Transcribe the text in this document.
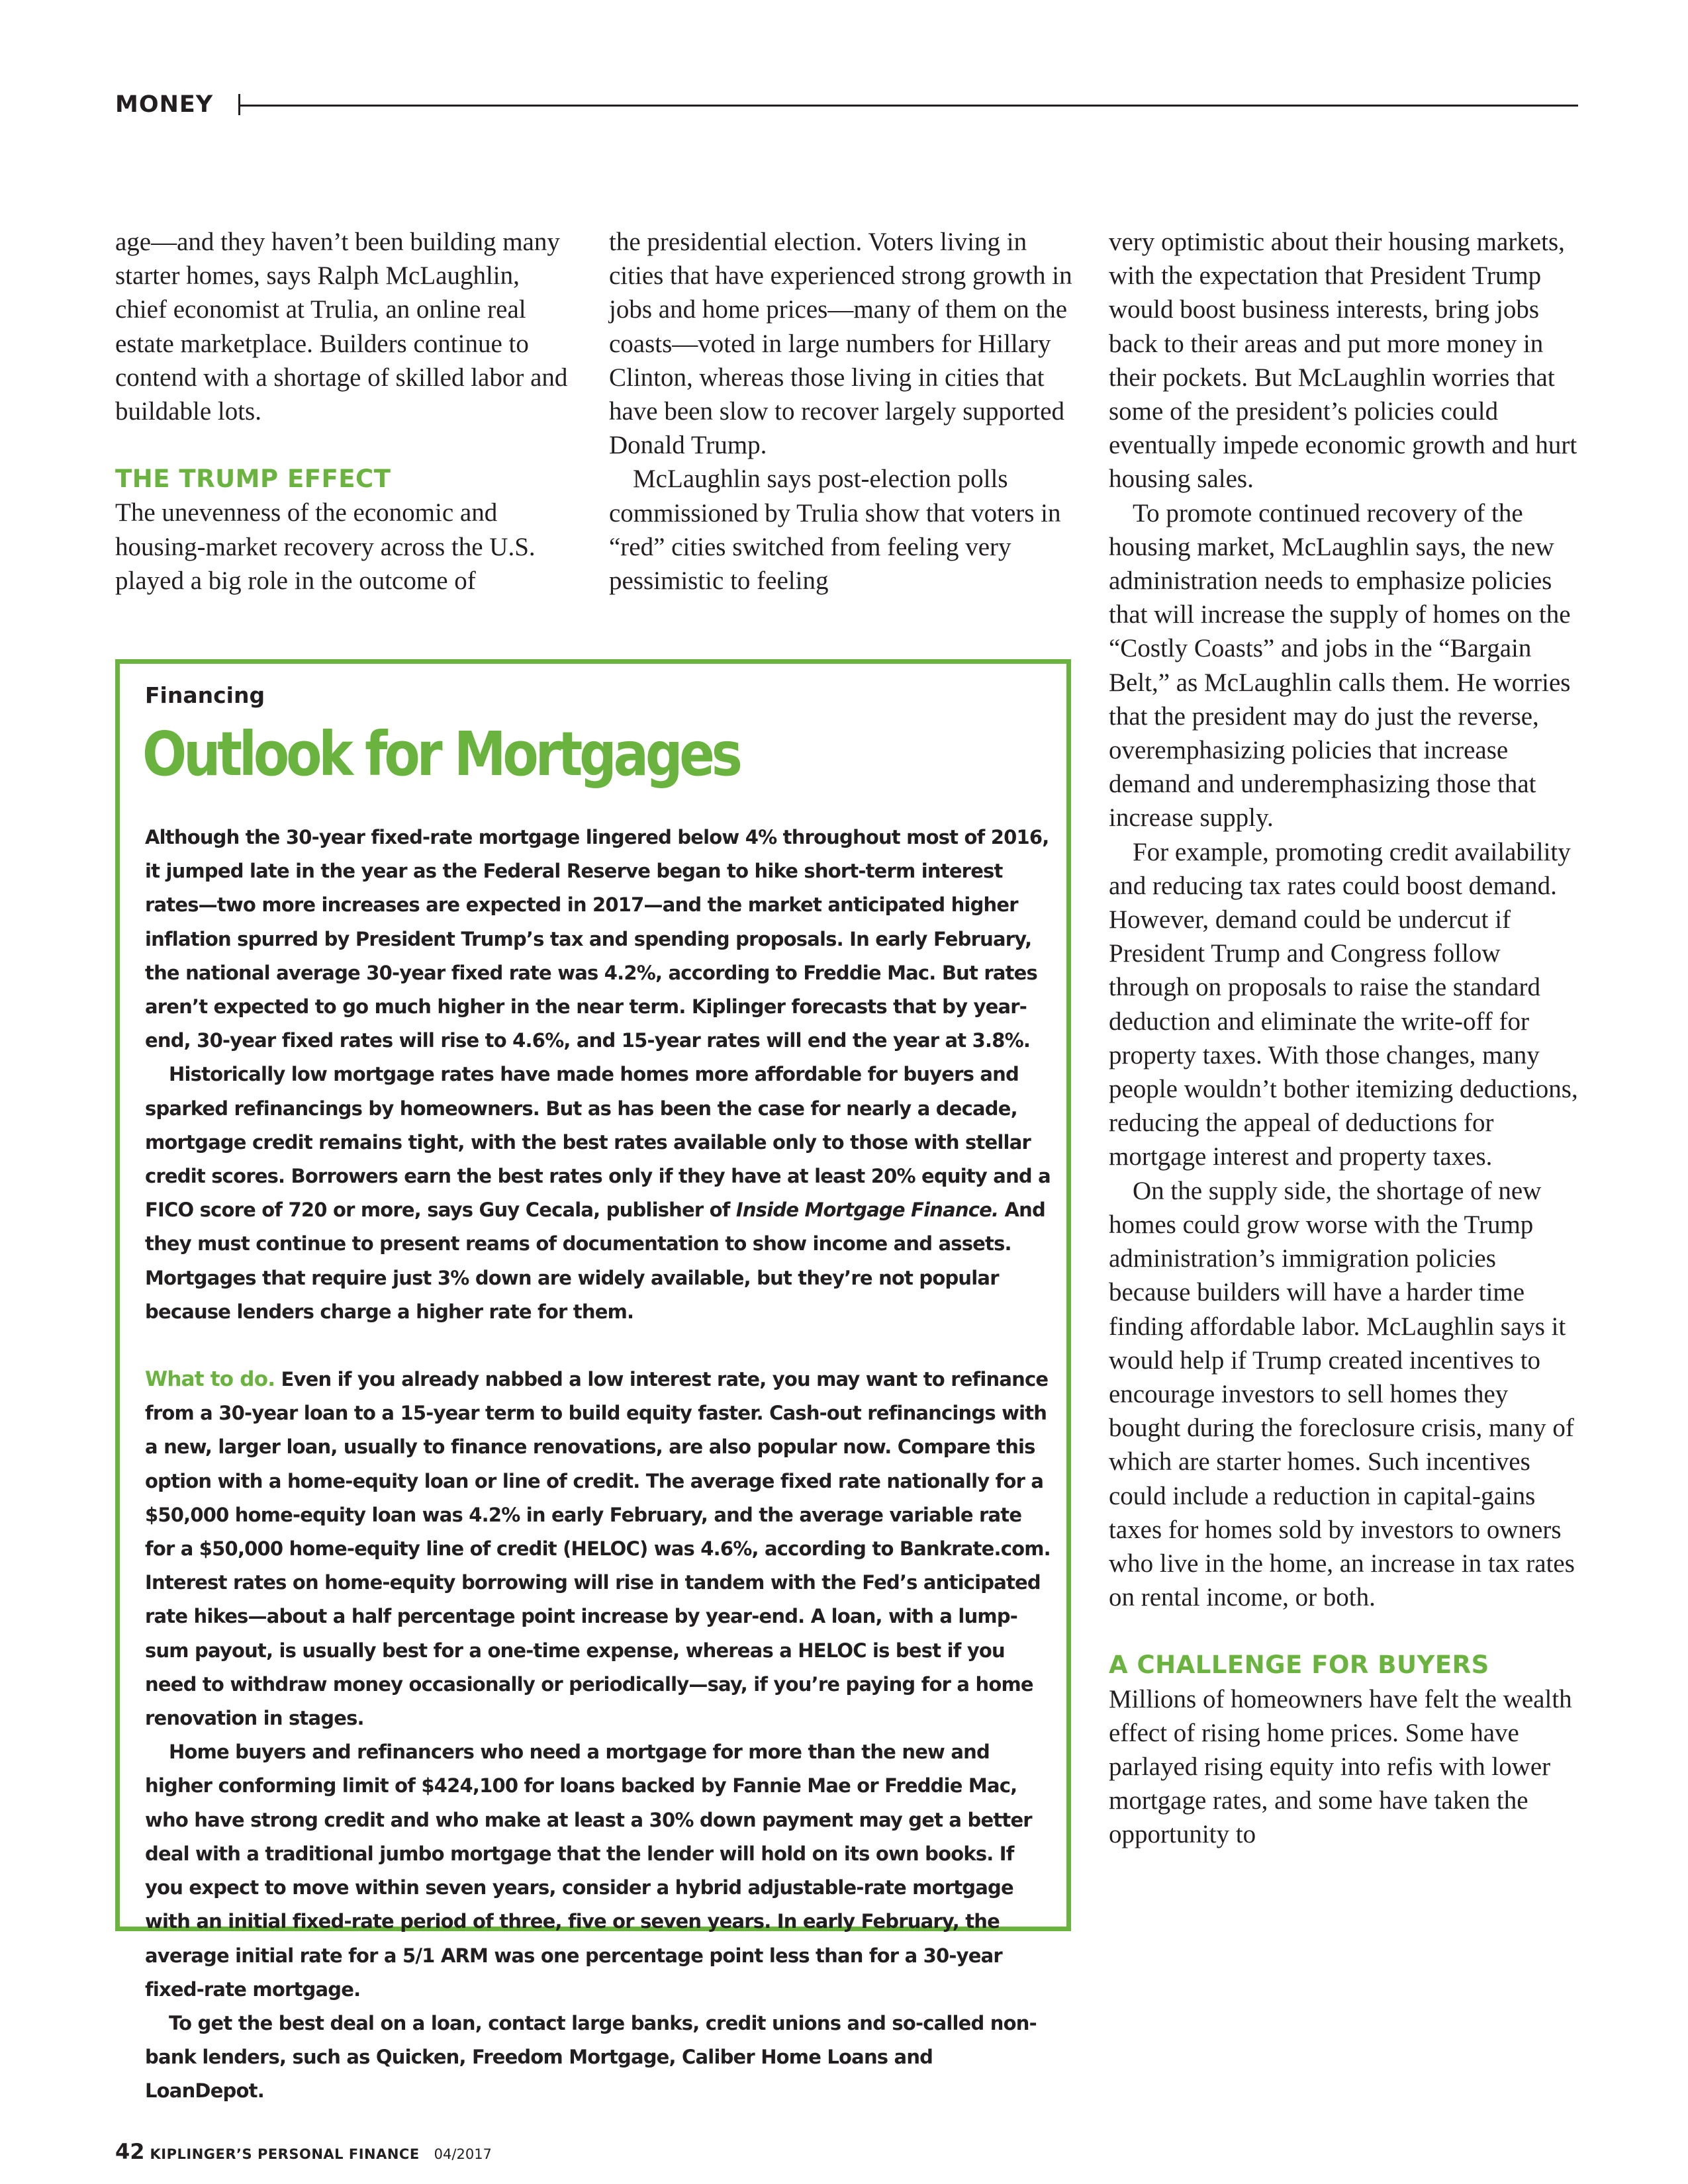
MONEY

age—and they haven’t been building many starter homes, says Ralph McLaughlin, chief economist at Trulia, an online real estate marketplace. Builders continue to contend with a shortage of skilled labor and buildable lots.

THE TRUMP EFFECT

The unevenness of the economic and housing-market recovery across the U.S. played a big role in the outcome of

the presidential election. Voters living in cities that have experienced strong growth in jobs and home prices—many of them on the coasts—voted in large numbers for Hillary Clinton, whereas those living in cities that have been slow to recover largely supported Donald Trump.

McLaughlin says post-election polls commissioned by Trulia show that voters in “red” cities switched from feeling very pessimistic to feeling

very optimistic about their housing markets, with the expectation that President Trump would boost business interests, bring jobs back to their areas and put more money in their pockets. But McLaughlin worries that some of the president’s policies could eventually impede economic growth and hurt housing sales.

To promote continued recovery of the housing market, McLaughlin says, the new administration needs to emphasize policies that will increase the supply of homes on the “Costly Coasts” and jobs in the “Bargain Belt,” as McLaughlin calls them. He worries that the president may do just the reverse, overemphasizing policies that increase demand and underemphasizing those that increase supply.

For example, promoting credit availability and reducing tax rates could boost demand. However, demand could be undercut if President Trump and Congress follow through on proposals to raise the standard deduction and eliminate the write-off for property taxes. With those changes, many people wouldn’t bother itemizing deductions, reducing the appeal of deductions for mortgage interest and property taxes.

On the supply side, the shortage of new homes could grow worse with the Trump administration’s immigration policies because builders will have a harder time finding affordable labor. McLaughlin says it would help if Trump created incentives to encourage investors to sell homes they bought during the foreclosure crisis, many of which are starter homes. Such incentives could include a reduction in capital-gains taxes for homes sold by investors to owners who live in the home, an increase in tax rates on rental income, or both.

A CHALLENGE FOR BUYERS

Millions of homeowners have felt the wealth effect of rising home prices. Some have parlayed rising equity into refis with lower mortgage rates, and some have taken the opportunity to

Financing
Outlook for Mortgages

Although the 30-year fixed-rate mortgage lingered below 4% throughout most of 2016, it jumped late in the year as the Federal Reserve began to hike short-term interest rates—two more increases are expected in 2017—and the market anticipated higher inflation spurred by President Trump’s tax and spending proposals. In early February, the national average 30-year fixed rate was 4.2%, according to Freddie Mac. But rates aren’t expected to go much higher in the near term. Kiplinger forecasts that by year-end, 30-year fixed rates will rise to 4.6%, and 15-year rates will end the year at 3.8%.

Historically low mortgage rates have made homes more affordable for buyers and sparked refinancings by homeowners. But as has been the case for nearly a decade, mortgage credit remains tight, with the best rates available only to those with stellar credit scores. Borrowers earn the best rates only if they have at least 20% equity and a FICO score of 720 or more, says Guy Cecala, publisher of Inside Mortgage Finance. And they must continue to present reams of documentation to show income and assets. Mortgages that require just 3% down are widely available, but they’re not popular because lenders charge a higher rate for them.

What to do. Even if you already nabbed a low interest rate, you may want to refinance from a 30-year loan to a 15-year term to build equity faster. Cash-out refinancings with a new, larger loan, usually to finance renovations, are also popular now. Compare this option with a home-equity loan or line of credit. The average fixed rate nationally for a $50,000 home-equity loan was 4.2% in early February, and the average variable rate for a $50,000 home-equity line of credit (HELOC) was 4.6%, according to Bankrate.com. Interest rates on home-equity borrowing will rise in tandem with the Fed’s anticipated rate hikes—about a half percentage point increase by year-end. A loan, with a lump-sum payout, is usually best for a one-time expense, whereas a HELOC is best if you need to withdraw money occasionally or periodically—say, if you’re paying for a home renovation in stages.

Home buyers and refinancers who need a mortgage for more than the new and higher conforming limit of $424,100 for loans backed by Fannie Mae or Freddie Mac, who have strong credit and who make at least a 30% down payment may get a better deal with a traditional jumbo mortgage that the lender will hold on its own books. If you expect to move within seven years, consider a hybrid adjustable-rate mortgage with an initial fixed-rate period of three, five or seven years. In early February, the average initial rate for a 5/1 ARM was one percentage point less than for a 30-year fixed-rate mortgage.

To get the best deal on a loan, contact large banks, credit unions and so-called non-bank lenders, such as Quicken, Freedom Mortgage, Caliber Home Loans and LoanDepot.

42 KIPLINGER’S PERSONAL FINANCE 04/2017
